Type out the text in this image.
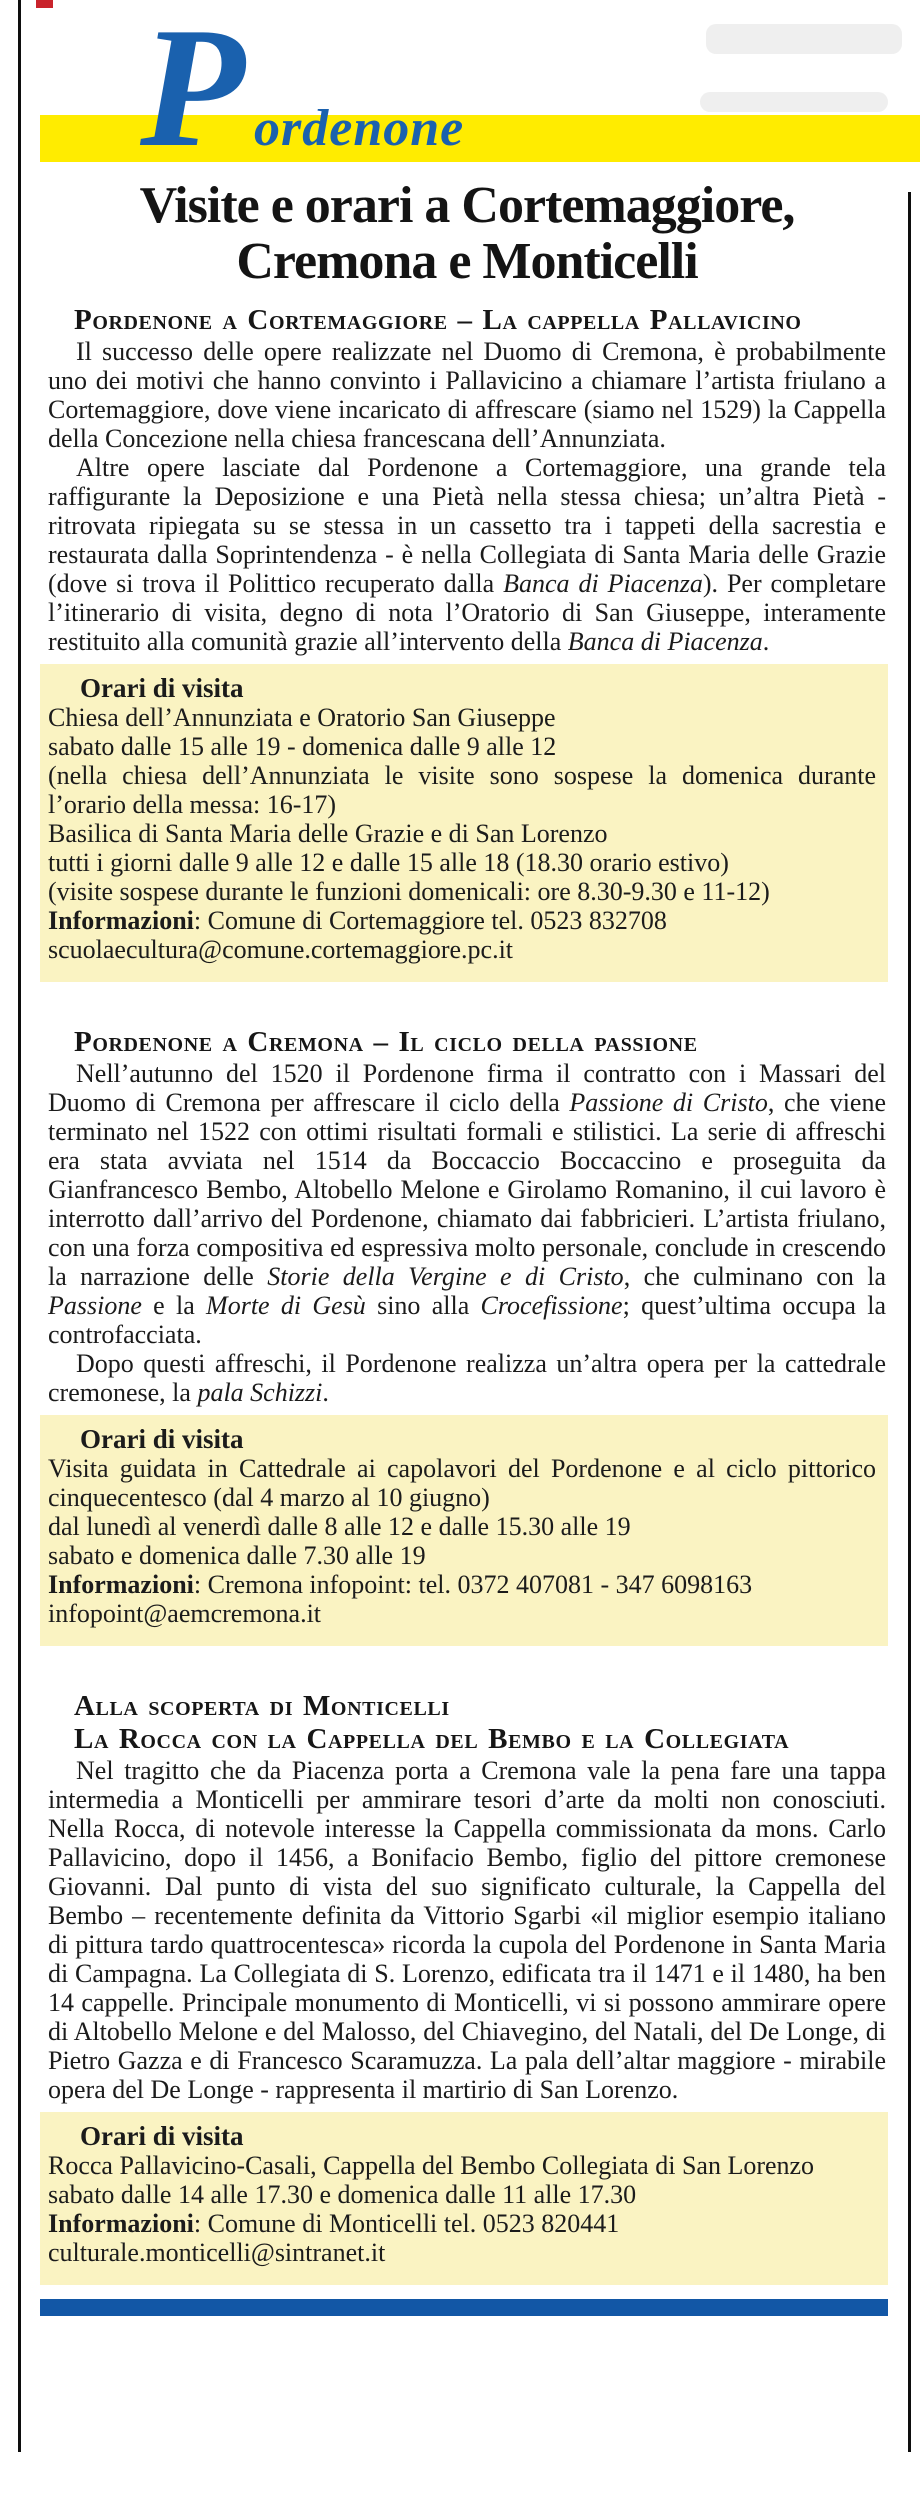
P ordenone
Visite e orari a Cortemaggiore,
Cremona e Monticelli
Pordenone a Cortemaggiore – La cappella Pallavicino

Il successo delle opere realizzate nel Duomo di Cremona, è probabilmente uno dei motivi che hanno convinto i Pallavicino a chiamare l’artista friulano a Cortemaggiore, dove viene incaricato di affrescare (siamo nel 1529) la Cappella della Concezione nella chiesa francescana dell’Annunziata.

Altre opere lasciate dal Pordenone a Cortemaggiore, una grande tela raffigurante la Deposizione e una Pietà nella stessa chiesa; un’altra Pietà - ritrovata ripiegata su se stessa in un cassetto tra i tappeti della sacrestia e restaurata dalla Soprintendenza - è nella Collegiata di Santa Maria delle Grazie (dove si trova il Polittico recuperato dalla Banca di Piacenza). Per completare l’itinerario di visita, degno di nota l’Oratorio di San Giuseppe, interamente restituito alla comunità grazie all’intervento della Banca di Piacenza.

Orari di visita
Chiesa dell’Annunziata e Oratorio San Giuseppe
sabato dalle 15 alle 19 - domenica dalle 9 alle 12
(nella chiesa dell’Annunziata le visite sono sospese la domenica durante l’orario della messa: 16-17)
Basilica di Santa Maria delle Grazie e di San Lorenzo
tutti i giorni dalle 9 alle 12 e dalle 15 alle 18 (18.30 orario estivo)
(visite sospese durante le funzioni domenicali: ore 8.30-9.30 e 11-12)
Informazioni: Comune di Cortemaggiore tel. 0523 832708
scuolaecultura@comune.cortemaggiore.pc.it
Pordenone a Cremona – Il ciclo della passione

Nell’autunno del 1520 il Pordenone firma il contratto con i Massari del Duomo di Cremona per affrescare il ciclo della Passione di Cristo, che viene terminato nel 1522 con ottimi risultati formali e stilistici. La serie di affreschi era stata avviata nel 1514 da Boccaccio Boccaccino e proseguita da Gianfrancesco Bembo, Altobello Melone e Girolamo Romanino, il cui lavoro è interrotto dall’arrivo del Pordenone, chiamato dai fabbricieri. L’artista friulano, con una forza compositiva ed espressiva molto personale, conclude in crescendo la narrazione delle Storie della Vergine e di Cristo, che culminano con la Passione e la Morte di Gesù sino alla Crocefissione; quest’ultima occupa la controfacciata.

Dopo questi affreschi, il Pordenone realizza un’altra opera per la cattedrale cremonese, la pala Schizzi.

Orari di visita
Visita guidata in Cattedrale ai capolavori del Pordenone e al ciclo pittorico cinquecentesco (dal 4 marzo al 10 giugno)
dal lunedì al venerdì dalle 8 alle 12 e dalle 15.30 alle 19
sabato e domenica dalle 7.30 alle 19
Informazioni: Cremona infopoint: tel. 0372 407081 - 347 6098163
infopoint@aemcremona.it
Alla scoperta di Monticelli
La Rocca con la Cappella del Bembo e la Collegiata

Nel tragitto che da Piacenza porta a Cremona vale la pena fare una tappa intermedia a Monticelli per ammirare tesori d’arte da molti non conosciuti. Nella Rocca, di notevole interesse la Cappella commissionata da mons. Carlo Pallavicino, dopo il 1456, a Bonifacio Bembo, figlio del pittore cremonese Giovanni. Dal punto di vista del suo significato culturale, la Cappella del Bembo – recentemente definita da Vittorio Sgarbi «il miglior esempio italiano di pittura tardo quattrocentesca» ricorda la cupola del Pordenone in Santa Maria di Campagna. La Collegiata di S. Lorenzo, edificata tra il 1471 e il 1480, ha ben 14 cappelle. Principale monumento di Monticelli, vi si possono ammirare opere di Altobello Melone e del Malosso, del Chiavegino, del Natali, del De Longe, di Pietro Gazza e di Francesco Scaramuzza. La pala dell’altar maggiore - mirabile opera del De Longe - rappresenta il martirio di San Lorenzo.

Orari di visita
Rocca Pallavicino-Casali, Cappella del Bembo Collegiata di San Lorenzo
sabato dalle 14 alle 17.30 e domenica dalle 11 alle 17.30
Informazioni: Comune di Monticelli tel. 0523 820441
culturale.monticelli@sintranet.it
